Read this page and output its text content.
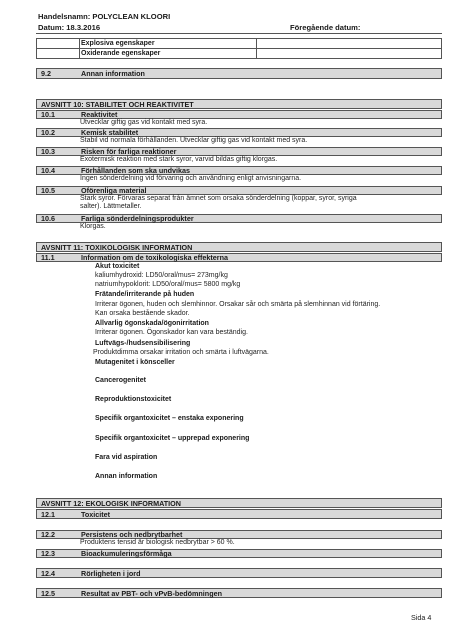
Handelsnamn: POLYCLEAN KLOORI
Datum: 18.3.2016	Föregående datum:
Explosiva egenskaper
Oxiderande egenskaper
9.2	Annan information
AVSNITT 10: STABILITET OCH REAKTIVITET
10.1	Reaktivitet
Utvecklar giftig gas vid kontakt med syra.
10.2	Kemisk stabilitet
Stabil vid normala förhållanden. Utvecklar giftig gas vid kontakt med syra.
10.3	Risken för farliga reaktioner
Exotermisk reaktion med stark syror, varvid bildas giftig klorgas.
10.4	Förhållanden som ska undvikas
Ingen sönderdelning vid förvaring och användning enligt anvisningarna.
10.5	Oförenliga material
Stark syror. Förvaras separat från ämnet som orsaka sönderdelning (koppar, syror, syriga
salter). Lättmetaller.
10.6	Farliga sönderdelningsprodukter
Klorgas.
AVSNITT 11: TOXIKOLOGISK INFORMATION
11.1	Information om de toxikologiska effekterna
Akut toxicitet
kaliumhydroxid: LD50/oral/mus= 273mg/kg
natriumhypoklorit: LD50/oral/mus= 5800 mg/kg
Frätande/irriterande på huden
Irriterar ögonen, huden och slemhinnor. Orsakar sår och smärta på slemhinnan vid förtäring.
Kan orsaka bestående skador.
Allvarlig ögonskada/ögonirritation
Irriterar ögonen. Ögonskador kan vara beständig.
Luftvägs-/hudsensibilisering
Produktdimma orsakar irritation och smärta i luftvägarna.
Mutagenitet i könsceller
Cancerogenitet
Reproduktionstoxicitet
Specifik organtoxicitet – enstaka exponering
Specifik organtoxicitet – upprepad exponering
Fara vid aspiration
Annan information
AVSNITT 12: EKOLOGISK INFORMATION
12.1	Toxicitet
12.2	Persistens och nedbrytbarhet
Produktens tensid är biologisk nedbrytbar > 60 %.
12.3	Bioackumuleringsförmåga
12.4	Rörligheten i jord
12.5	Resultat av PBT- och vPvB-bedömningen
Sida 4
